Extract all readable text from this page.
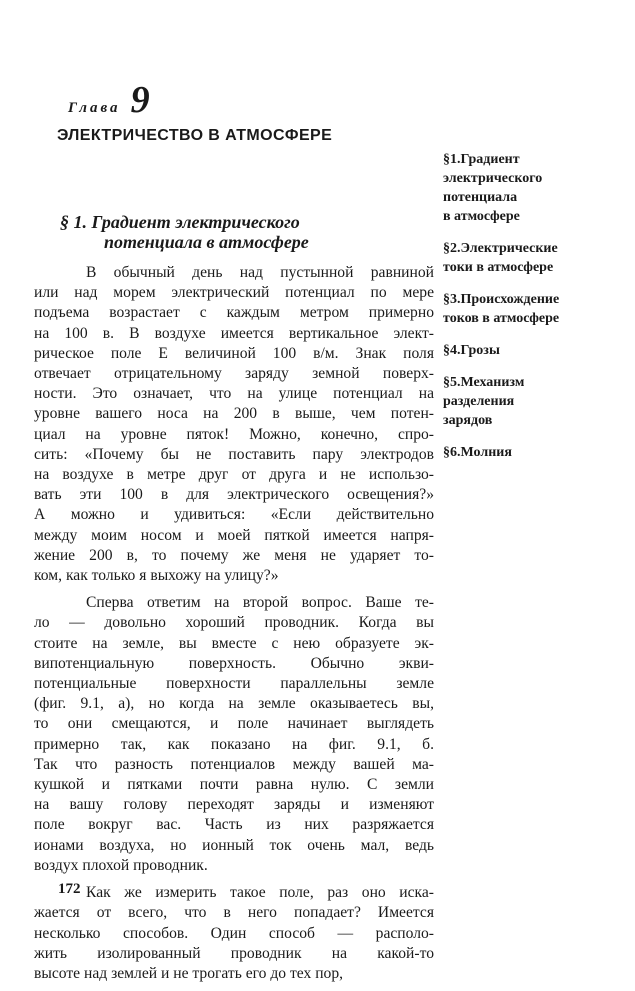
Глава 9
ЭЛЕКТРИЧЕСТВО В АТМОСФЕРЕ
§ 1. Градиент электрического
потенциала в атмосфере

В обычный день над пустынной равниной
или над морем электрический потенциал по мере
подъема возрастает с каждым метром примерно
на 100 в. В воздухе имеется вертикальное элект-
рическое поле E величиной 100 в/м. Знак поля
отвечает отрицательному заряду земной поверх-
ности. Это означает, что на улице потенциал на
уровне вашего носа на 200 в выше, чем потен-
циал на уровне пяток! Можно, конечно, спро-
сить: «Почему бы не поставить пару электродов
на воздухе в метре друг от друга и не использо-
вать эти 100 в для электрического освещения?»
А можно и удивиться: «Если действительно
между моим носом и моей пяткой имеется напря-
жение 200 в, то почему же меня не ударяет то-
ком, как только я выхожу на улицу?»

Сперва ответим на второй вопрос. Ваше те-
ло — довольно хороший проводник. Когда вы
стоите на земле, вы вместе с нею образуете эк-
випотенциальную поверхность. Обычно экви-
потенциальные поверхности параллельны земле
(фиг. 9.1, а), но когда на земле оказываетесь вы,
то они смещаются, и поле начинает выглядеть
примерно так, как показано на фиг. 9.1, б.
Так что разность потенциалов между вашей ма-
кушкой и пятками почти равна нулю. С земли
на вашу голову переходят заряды и изменяют
поле вокруг вас. Часть из них разряжается
ионами воздуха, но ионный ток очень мал, ведь
воздух плохой проводник.

Как же измерить такое поле, раз оно иска-
жается от всего, что в него попадает? Имеется
несколько способов. Один способ — располо-
жить изолированный проводник на какой-то
высоте над землей и не трогать его до тех пор,

172
§1.Градиент
электрического
потенциала
в атмосфере
§2.Электрические
токи в атмосфере
§3.Происхождение
токов в атмосфере
§4.Грозы
§5.Механизм
разделения
зарядов
§6.Молния
